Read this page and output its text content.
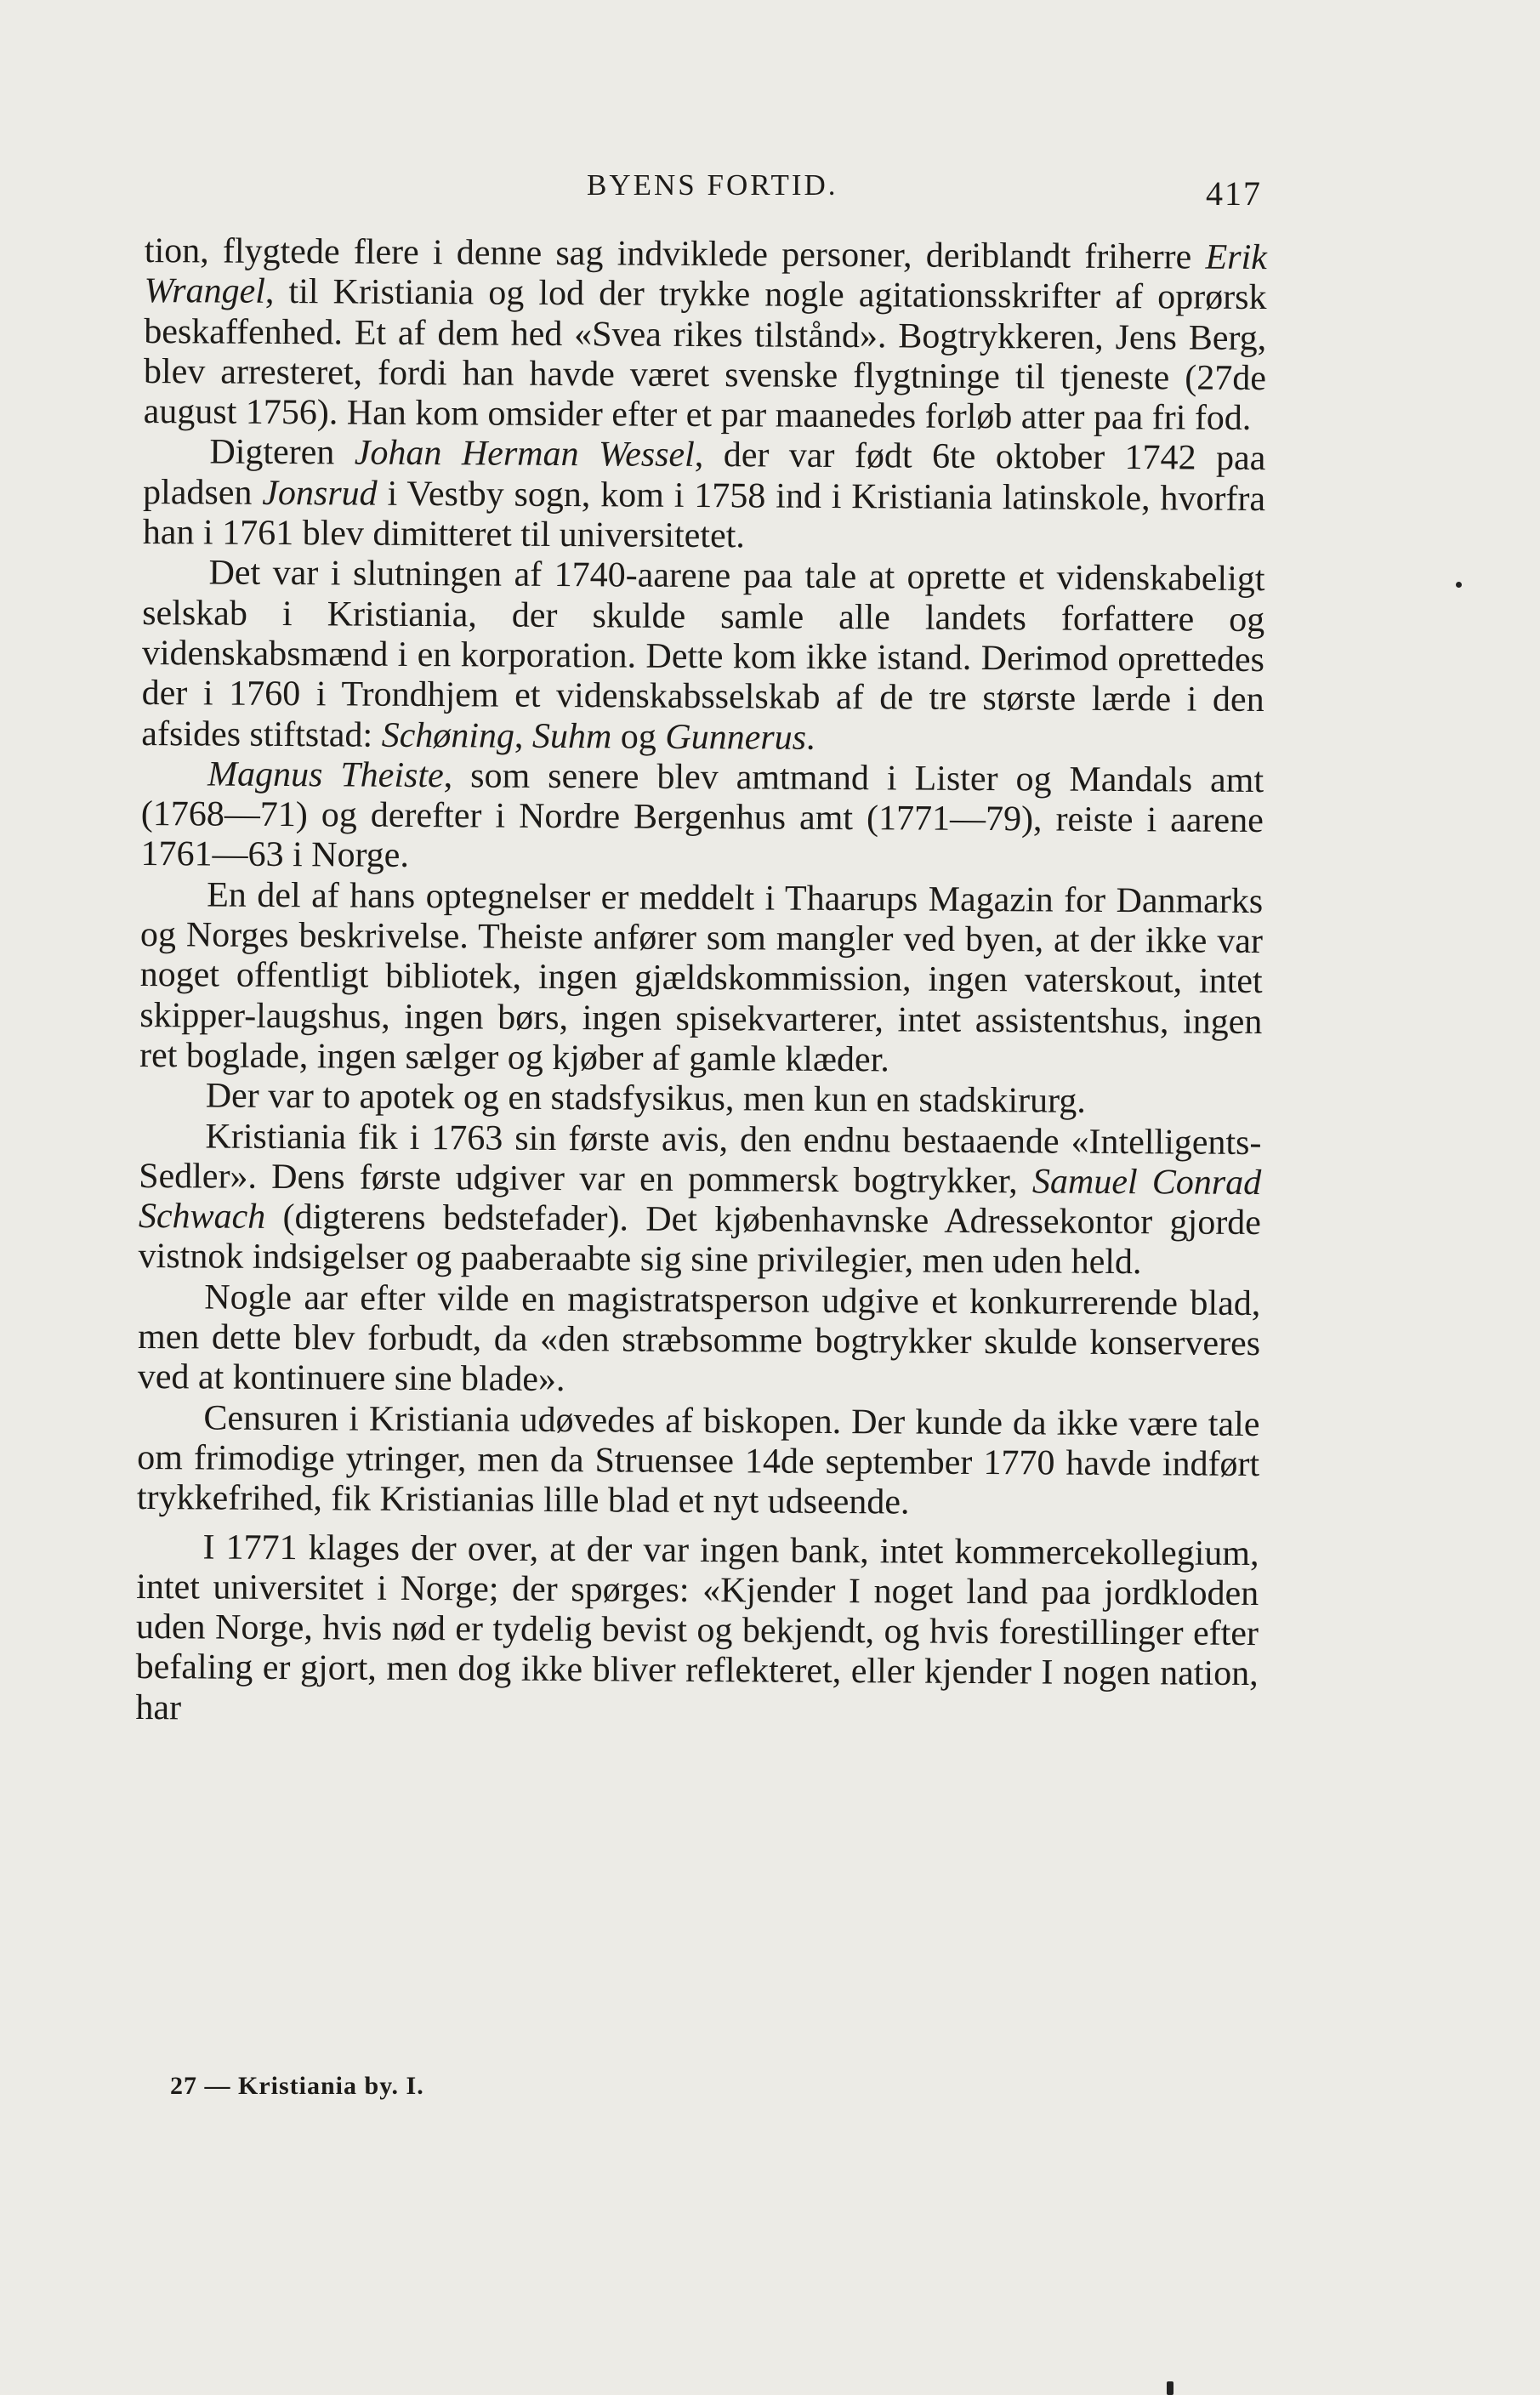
BYENS FORTID.	417

tion, flygtede flere i denne sag indviklede personer, deriblandt friherre Erik Wrangel, til Kristiania og lod der trykke nogle agitationsskrifter af oprørsk beskaffenhed. Et af dem hed «Svea rikes tilstånd». Bogtrykkeren, Jens Berg, blev arresteret, fordi han havde været svenske flygtninge til tjeneste (27de august 1756). Han kom omsider efter et par maanedes forløb atter paa fri fod.

Digteren Johan Herman Wessel, der var født 6te oktober 1742 paa pladsen Jonsrud i Vestby sogn, kom i 1758 ind i Kristiania latinskole, hvorfra han i 1761 blev dimitteret til universitetet.

Det var i slutningen af 1740-aarene paa tale at oprette et videnskabeligt selskab i Kristiania, der skulde samle alle landets forfattere og videnskabsmænd i en korporation. Dette kom ikke istand. Derimod oprettedes der i 1760 i Trondhjem et videnskabsselskab af de tre største lærde i den afsides stiftstad: Schøning, Suhm og Gunnerus.

Magnus Theiste, som senere blev amtmand i Lister og Mandals amt (1768—71) og derefter i Nordre Bergenhus amt (1771—79), reiste i aarene 1761—63 i Norge.

En del af hans optegnelser er meddelt i Thaarups Magazin for Danmarks og Norges beskrivelse. Theiste anfører som mangler ved byen, at der ikke var noget offentligt bibliotek, ingen gjældskommission, ingen vaterskout, intet skipper-laugshus, ingen børs, ingen spisekvarterer, intet assistentshus, ingen ret boglade, ingen sælger og kjøber af gamle klæder.

Der var to apotek og en stadsfysikus, men kun en stadskirurg.

Kristiania fik i 1763 sin første avis, den endnu bestaaende «Intelligents-Sedler». Dens første udgiver var en pommersk bogtrykker, Samuel Conrad Schwach (digterens bedstefader). Det kjøbenhavnske Adressekontor gjorde vistnok indsigelser og paaberaabte sig sine privilegier, men uden held.

Nogle aar efter vilde en magistratsperson udgive et konkurrerende blad, men dette blev forbudt, da «den stræbsomme bogtrykker skulde konserveres ved at kontinuere sine blade».

Censuren i Kristiania udøvedes af biskopen. Der kunde da ikke være tale om frimodige ytringer, men da Struensee 14de september 1770 havde indført trykkefrihed, fik Kristianias lille blad et nyt udseende.

I 1771 klages der over, at der var ingen bank, intet kommercekollegium, intet universitet i Norge; der spørges: «Kjender I noget land paa jordkloden uden Norge, hvis nød er tydelig bevist og bekjendt, og hvis forestillinger efter befaling er gjort, men dog ikke bliver reflekteret, eller kjender I nogen nation, har

27 — Kristiania by. I.
